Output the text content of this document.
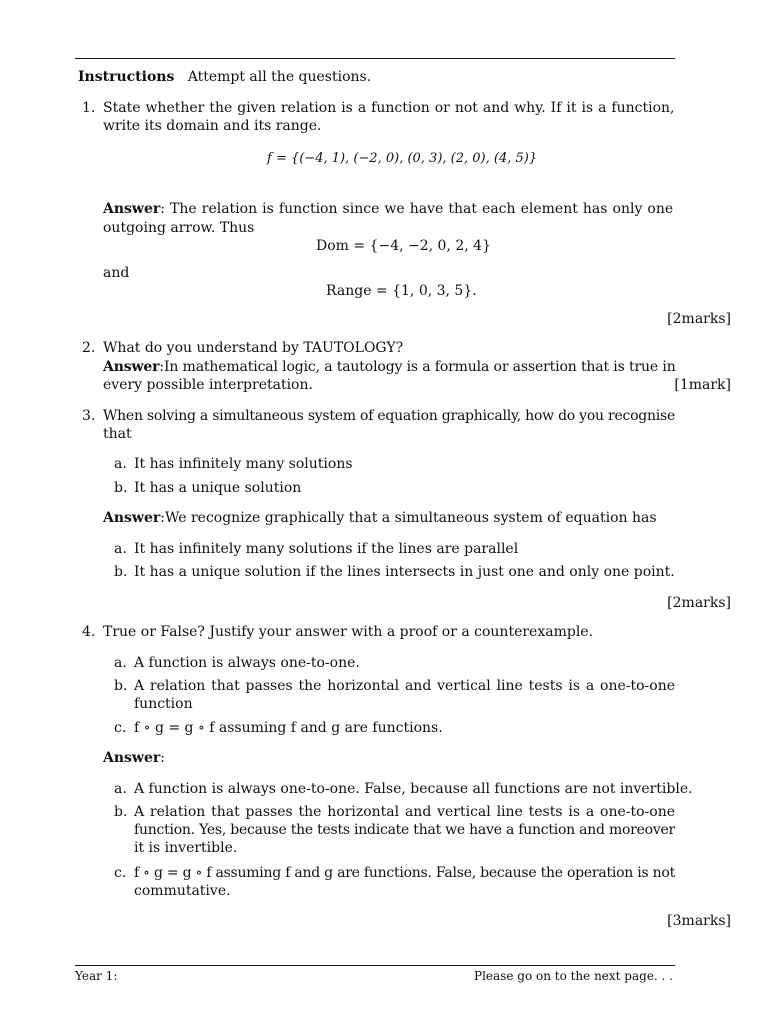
Instructions Attempt all the questions.
1. State whether the given relation is a function or not and why. If it is a function,
write its domain and its range.
f = {(−4, 1), (−2, 0), (0, 3), (2, 0), (4, 5)}
Answer: The relation is function since we have that each element has only one
outgoing arrow. Thus
Dom = {−4, −2, 0, 2, 4}
and
Range = {1, 0, 3, 5}.
[2marks]
2. What do you understand by TAUTOLOGY?
Answer:In mathematical logic, a tautology is a formula or assertion that is true in
every possible interpretation.	[1mark]
3. When solving a simultaneous system of equation graphically, how do you recognise
that
a. It has infinitely many solutions
b. It has a unique solution
Answer:We recognize graphically that a simultaneous system of equation has
a. It has infinitely many solutions if the lines are parallel
b. It has a unique solution if the lines intersects in just one and only one point.
[2marks]
4. True or False? Justify your answer with a proof or a counterexample.
a. A function is always one-to-one.
b. A relation that passes the horizontal and vertical line tests is a one-to-one
function
c. f ∘ g = g ∘ f assuming f and g are functions.
Answer:
a. A function is always one-to-one. False, because all functions are not invertible.
b. A relation that passes the horizontal and vertical line tests is a one-to-one
function. Yes, because the tests indicate that we have a function and moreover
it is invertible.
c. f ∘ g = g ∘ f assuming f and g are functions. False, because the operation is not
commutative.
[3marks]
Year 1:	Please go on to the next page. . .
